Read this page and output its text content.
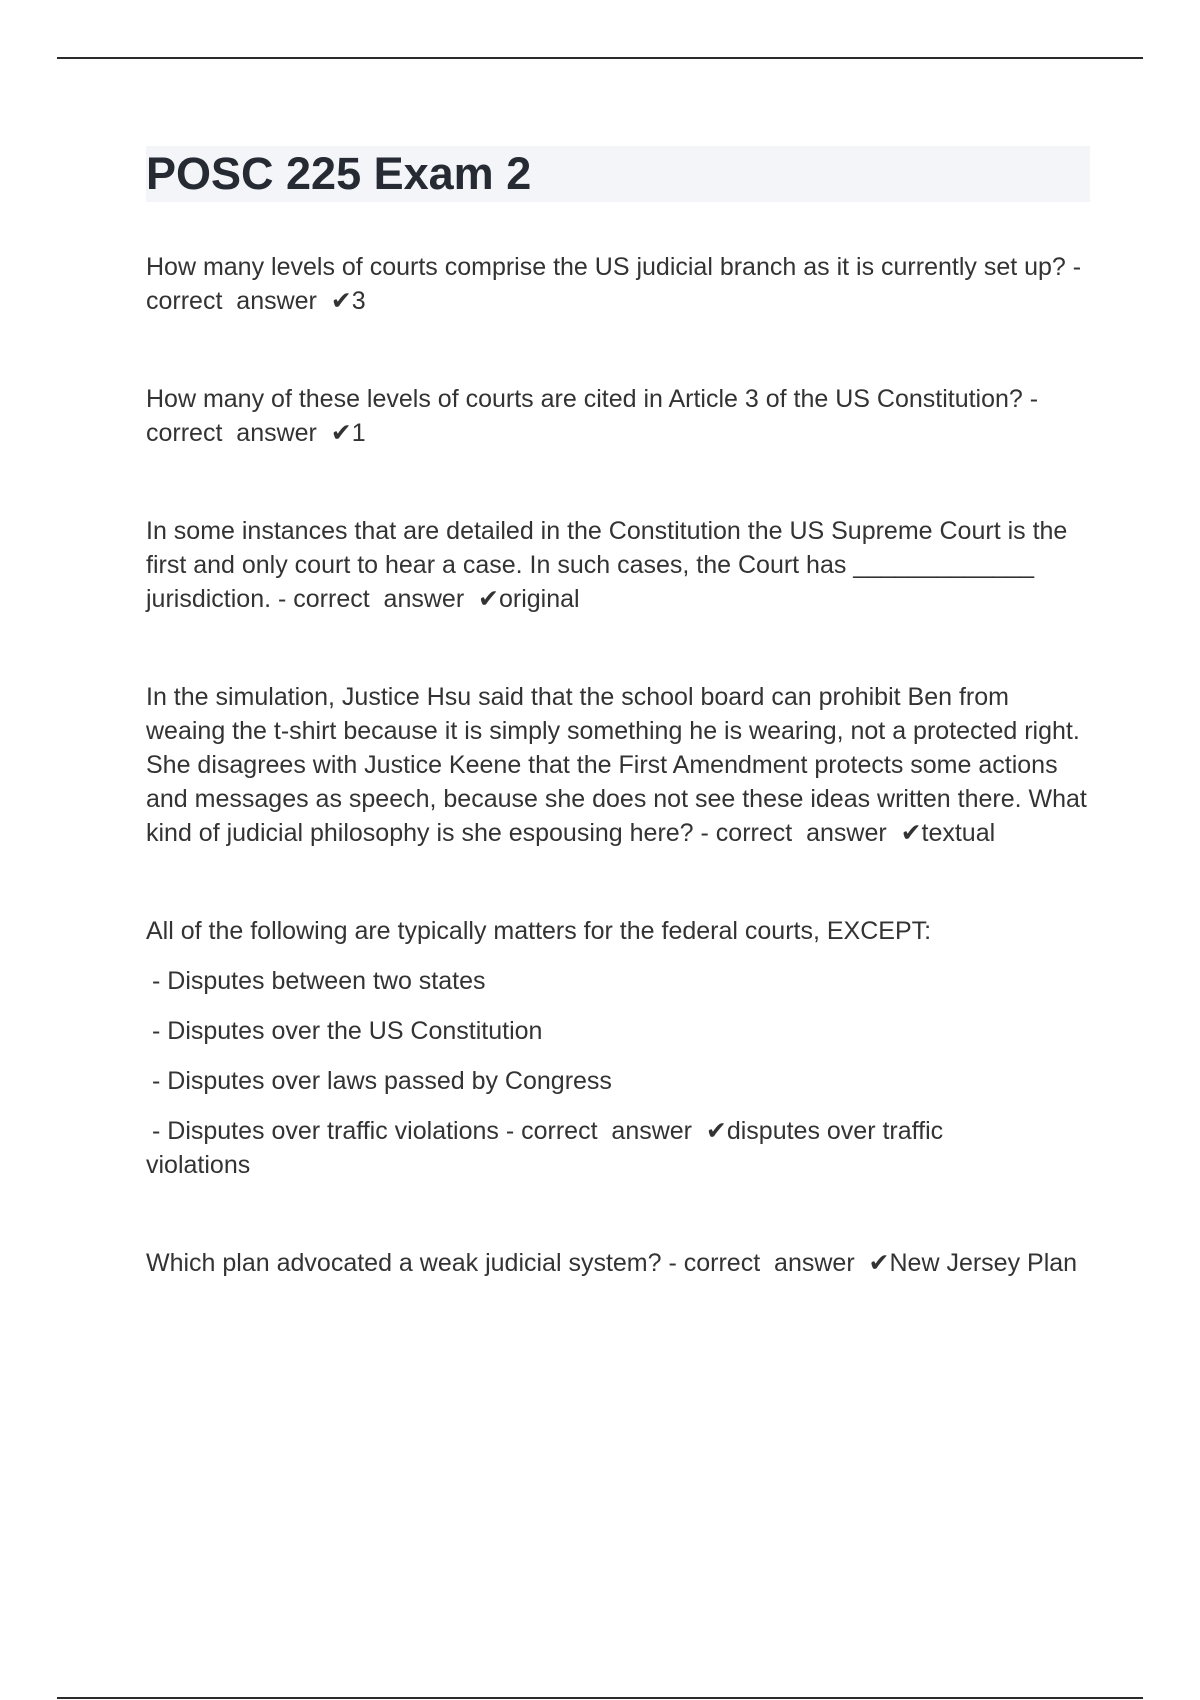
POSC 225 Exam 2

How many levels of courts comprise the US judicial branch as it is currently set up? - correct  answer  ✔3

How many of these levels of courts are cited in Article 3 of the US Constitution? - correct  answer  ✔1

In some instances that are detailed in the Constitution the US Supreme Court is the first and only court to hear a case. In such cases, the Court has _____________ jurisdiction. - correct  answer  ✔original

In the simulation, Justice Hsu said that the school board can prohibit Ben from weaing the t-shirt because it is simply something he is wearing, not a protected right. She disagrees with Justice Keene that the First Amendment protects some actions and messages as speech, because she does not see these ideas written there. What kind of judicial philosophy is she espousing here? - correct  answer  ✔textual

All of the following are typically matters for the federal courts, EXCEPT:

- Disputes between two states

- Disputes over the US Constitution

- Disputes over laws passed by Congress

- Disputes over traffic violations - correct  answer  ✔disputes over traffic

violations

Which plan advocated a weak judicial system? - correct  answer  ✔New Jersey Plan
